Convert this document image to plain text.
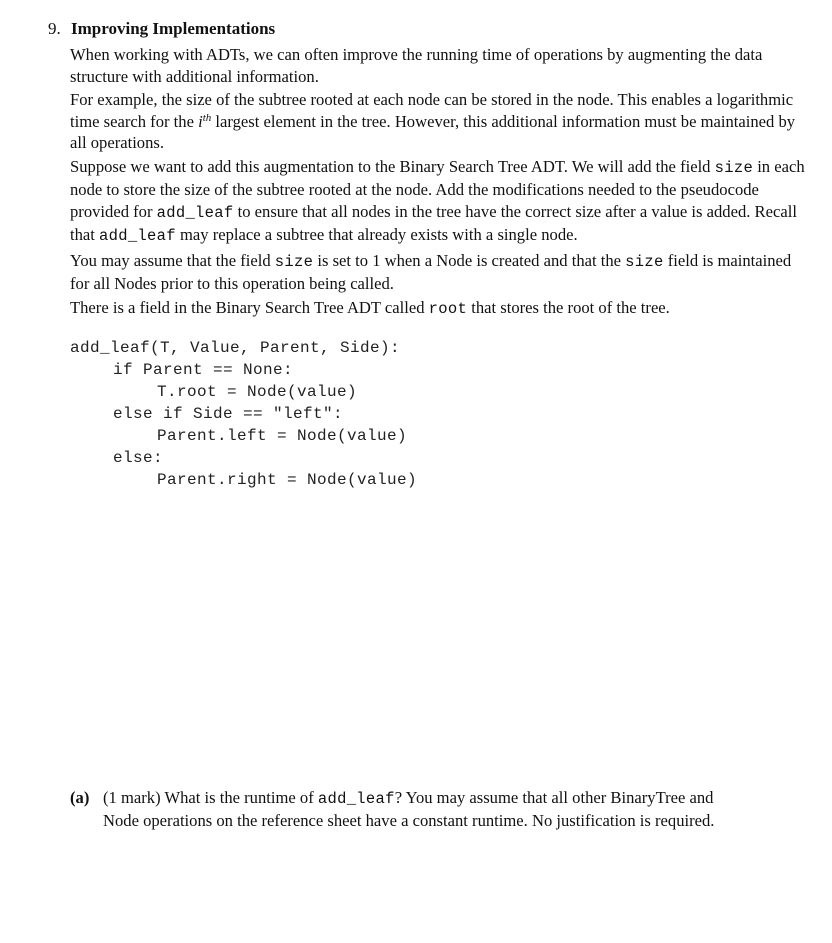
9. Improving Implementations

When working with ADTs, we can often improve the running time of operations by augmenting the data structure with additional information.

For example, the size of the subtree rooted at each node can be stored in the node. This enables a logarithmic time search for the $i^{th}$ largest element in the tree. However, this additional information must be maintained by all operations.

Suppose we want to add this augmentation to the Binary Search Tree ADT. We will add the field size in each node to store the size of the subtree rooted at the node. Add the modifications needed to the pseudocode provided for add_leaf to ensure that all nodes in the tree have the correct size after a value is added. Recall that add_leaf may replace a subtree that already exists with a single node.

You may assume that the field size is set to 1 when a Node is created and that the size field is maintained for all Nodes prior to this operation being called.

There is a field in the Binary Search Tree ADT called root that stores the root of the tree.

add_leaf(T, Value, Parent, Side):
if Parent == None:
T.root = Node(value)
else if Side == "left":
Parent.left = Node(value)
else:
Parent.right = Node(value)
(a) (1 mark) What is the runtime of add_leaf? You may assume that all other BinaryTree and
Node operations on the reference sheet have a constant runtime. No justification is required.
